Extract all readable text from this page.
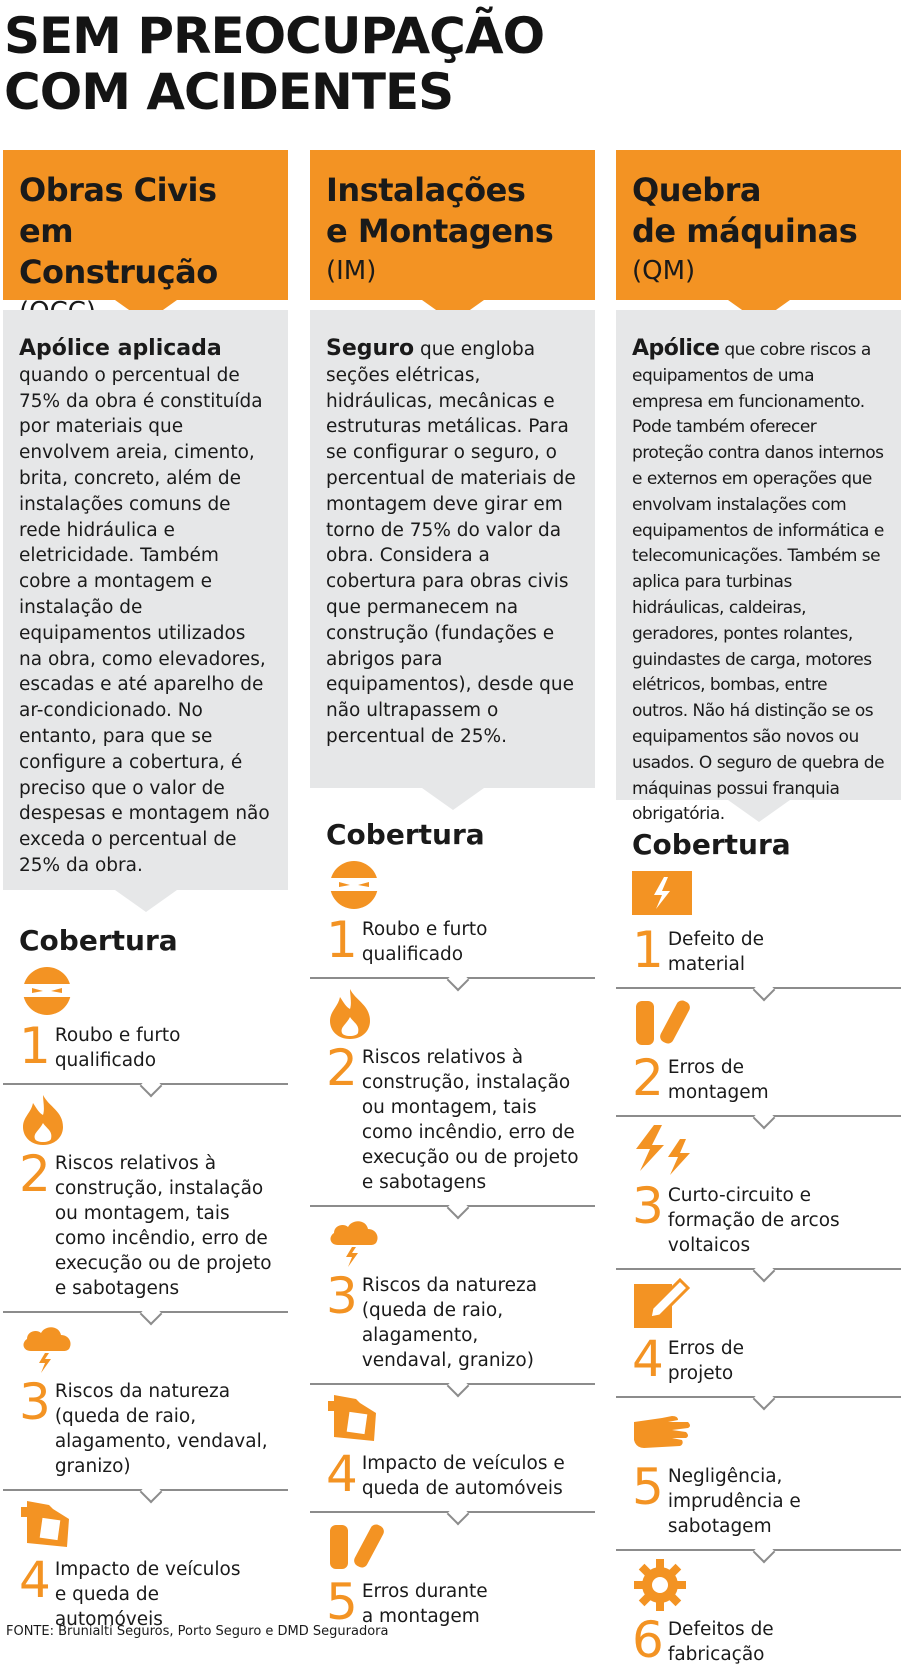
SEM PREOCUPAÇÃO
COM ACIDENTES
Obras Civis
em Construção
Apólice aplicada quando o percentual de 75% da obra é constituída por materiais que envolvem areia, cimento, brita, concreto, além de instalações comuns de rede hidráulica e eletricidade. Também cobre a montagem e instalação de equipamentos utilizados na obra, como elevadores, escadas e até aparelho de ar-condicionado. No entanto, para que se configure a cobertura, é preciso que o valor de despesas e montagem não exceda o percentual de 25% da obra.
Cobertura
1 Roubo e furto qualificado
2 Riscos relativos à construção, instalação ou montagem, tais como incêndio, erro de execução ou de projeto e sabotagens
3 Riscos da natureza (queda de raio, alagamento, vendaval, granizo)
4 Impacto de veículos e queda de automóveis
Instalações
e Montagens
(IM)
Seguro que engloba seções elétricas, hidráulicas, mecânicas e estruturas metálicas. Para se configurar o seguro, o percentual de materiais de montagem deve girar em torno de 75% do valor da obra. Considera a cobertura para obras civis que permanecem na construção (fundações e abrigos para equipamentos), desde que não ultrapassem o percentual de 25%.
Cobertura
1 Roubo e furto qualificado
2 Riscos relativos à construção, instalação ou montagem, tais como incêndio, erro de execução ou de projeto e sabotagens
3 Riscos da natureza (queda de raio, alagamento, vendaval, granizo)
4 Impacto de veículos e queda de automóveis
5 Erros durante a montagem
Quebra
de máquinas
(QM)
Apólice que cobre riscos a equipamentos de uma empresa em funcionamento. Pode também oferecer proteção contra danos internos e externos em operações que envolvam instalações com equipamentos de informática e telecomunicações. Também se aplica para turbinas hidráulicas, caldeiras, geradores, pontes rolantes, guindastes de carga, motores elétricos, bombas, entre outros. Não há distinção se os equipamentos são novos ou usados. O seguro de quebra de máquinas possui franquia obrigatória.
Cobertura
1 Defeito de material
2 Erros de montagem
3 Curto-circuito e formação de arcos voltaicos
4 Erros de projeto
5 Negligência, imprudência e sabotagem
6 Defeitos de fabricação
FONTE: Brunialti Seguros, Porto Seguro e DMD Seguradora
